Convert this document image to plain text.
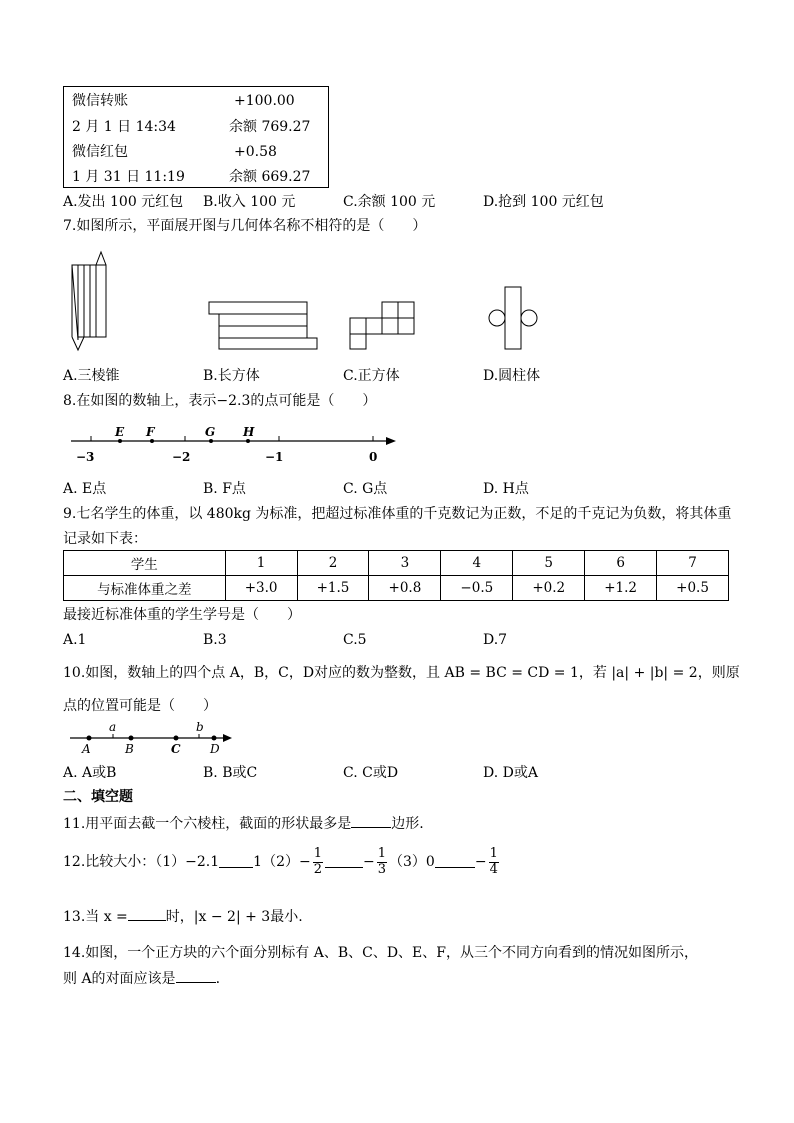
微信转账	+100.00
2 月 1 日 14:34	余额 769.27
微信红包	+0.58
1 月 31 日 11:19	余额 669.27
A.发出 100 元红包 B.收入 100 元	C.余额 100 元	D.抢到 100 元红包
7.如图所示，平面展开图与几何体名称不相符的是（　　）
A.三棱锥	B.长方体	C.正方体	D.圆柱体
8.在如图的数轴上，表示−2.3的点可能是（　　）
E F	G H
−3	−2	−1	0
A. E点	B. F点	C. G点	D. H点
9.七名学生的体重，以 480kg 为标准，把超过标准体重的千克数记为正数，不足的千克记为负数，将其体重
记录如下表：
学生	1	2	3	4	5	6	7
与标准体重之差	+3.0	+1.5	+0.8	−0.5	+0.2	+1.2	+0.5
最接近标准体重的学生学号是（　　）
A.1	B.3	C.5	D.7
10.如图，数轴上的四个点 A，B，C，D对应的数为整数，且 AB = BC = CD = 1，若 |a| + |b| = 2，则原
点的位置可能是（　　）
a	b
A	B	C D
A. A或B	B. B或C	C. C或D	D. D或A
二、填空题
11.用平面去截一个六棱柱，截面的形状最多是	边形.
12.比较大小：（1）−2.1 $1(2)- \frac{1}{2}$	− $\frac{1}{3} (3)0$	− $\frac{1}{4}$
13.当 x =	时，|x − 2| + 3最小.
14.如图，一个正方块的六个面分别标有 A、B、C、D、E、F，从三个不同方向看到的情况如图所示，
则 A的对面应该是	.
